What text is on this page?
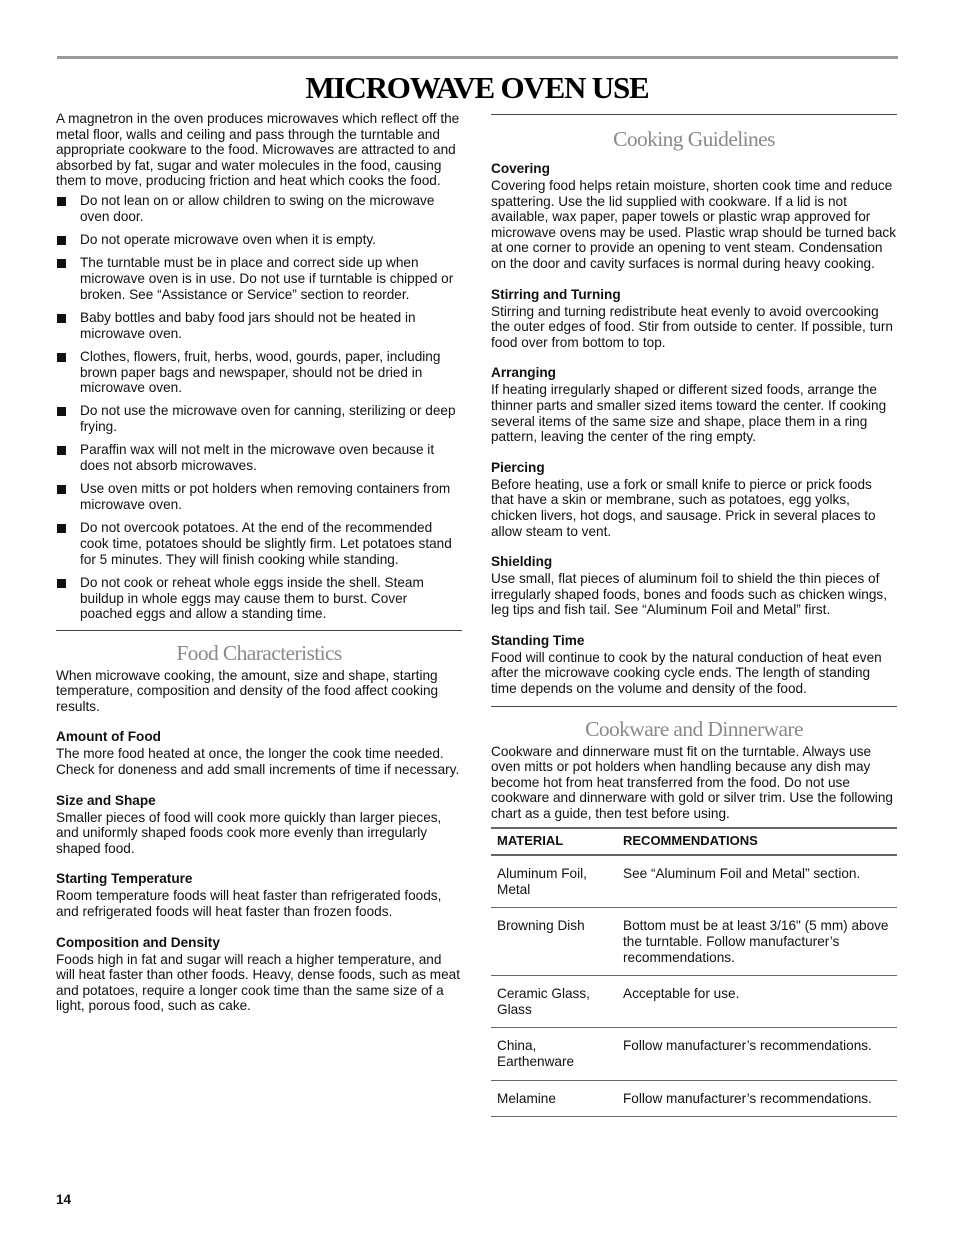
MICROWAVE OVEN USE

A magnetron in the oven produces microwaves which reflect off the metal floor, walls and ceiling and pass through the turntable and appropriate cookware to the food. Microwaves are attracted to and absorbed by fat, sugar and water molecules in the food, causing them to move, producing friction and heat which cooks the food.

Do not lean on or allow children to swing on the microwave oven door.
Do not operate microwave oven when it is empty.
The turntable must be in place and correct side up when microwave oven is in use. Do not use if turntable is chipped or broken. See “Assistance or Service” section to reorder.
Baby bottles and baby food jars should not be heated in microwave oven.
Clothes, flowers, fruit, herbs, wood, gourds, paper, including brown paper bags and newspaper, should not be dried in microwave oven.
Do not use the microwave oven for canning, sterilizing or deep frying.
Paraffin wax will not melt in the microwave oven because it does not absorb microwaves.
Use oven mitts or pot holders when removing containers from microwave oven.
Do not overcook potatoes. At the end of the recommended cook time, potatoes should be slightly firm. Let potatoes stand for 5 minutes. They will finish cooking while standing.
Do not cook or reheat whole eggs inside the shell. Steam buildup in whole eggs may cause them to burst. Cover poached eggs and allow a standing time.
Food Characteristics

When microwave cooking, the amount, size and shape, starting temperature, composition and density of the food affect cooking results.

Amount of Food

The more food heated at once, the longer the cook time needed. Check for doneness and add small increments of time if necessary.

Size and Shape

Smaller pieces of food will cook more quickly than larger pieces, and uniformly shaped foods cook more evenly than irregularly shaped food.

Starting Temperature

Room temperature foods will heat faster than refrigerated foods, and refrigerated foods will heat faster than frozen foods.

Composition and Density

Foods high in fat and sugar will reach a higher temperature, and will heat faster than other foods. Heavy, dense foods, such as meat and potatoes, require a longer cook time than the same size of a light, porous food, such as cake.

Cooking Guidelines
Covering

Covering food helps retain moisture, shorten cook time and reduce spattering. Use the lid supplied with cookware. If a lid is not available, wax paper, paper towels or plastic wrap approved for microwave ovens may be used. Plastic wrap should be turned back at one corner to provide an opening to vent steam. Condensation on the door and cavity surfaces is normal during heavy cooking.

Stirring and Turning

Stirring and turning redistribute heat evenly to avoid overcooking the outer edges of food. Stir from outside to center. If possible, turn food over from bottom to top.

Arranging

If heating irregularly shaped or different sized foods, arrange the thinner parts and smaller sized items toward the center. If cooking several items of the same size and shape, place them in a ring pattern, leaving the center of the ring empty.

Piercing

Before heating, use a fork or small knife to pierce or prick foods that have a skin or membrane, such as potatoes, egg yolks, chicken livers, hot dogs, and sausage. Prick in several places to allow steam to vent.

Shielding

Use small, flat pieces of aluminum foil to shield the thin pieces of irregularly shaped foods, bones and foods such as chicken wings, leg tips and fish tail. See “Aluminum Foil and Metal” first.

Standing Time

Food will continue to cook by the natural conduction of heat even after the microwave cooking cycle ends. The length of standing time depends on the volume and density of the food.

Cookware and Dinnerware

Cookware and dinnerware must fit on the turntable. Always use oven mitts or pot holders when handling because any dish may become hot from heat transferred from the food. Do not use cookware and dinnerware with gold or silver trim. Use the following chart as a guide, then test before using.

MATERIAL	RECOMMENDATIONS
Aluminum Foil, Metal	See “Aluminum Foil and Metal” section.
Browning Dish	Bottom must be at least 3/16" (5 mm) above the turntable. Follow manufacturer’s recommendations.
Ceramic Glass, Glass	Acceptable for use.
China, Earthenware	Follow manufacturer’s recommendations.
Melamine	Follow manufacturer’s recommendations.
14
